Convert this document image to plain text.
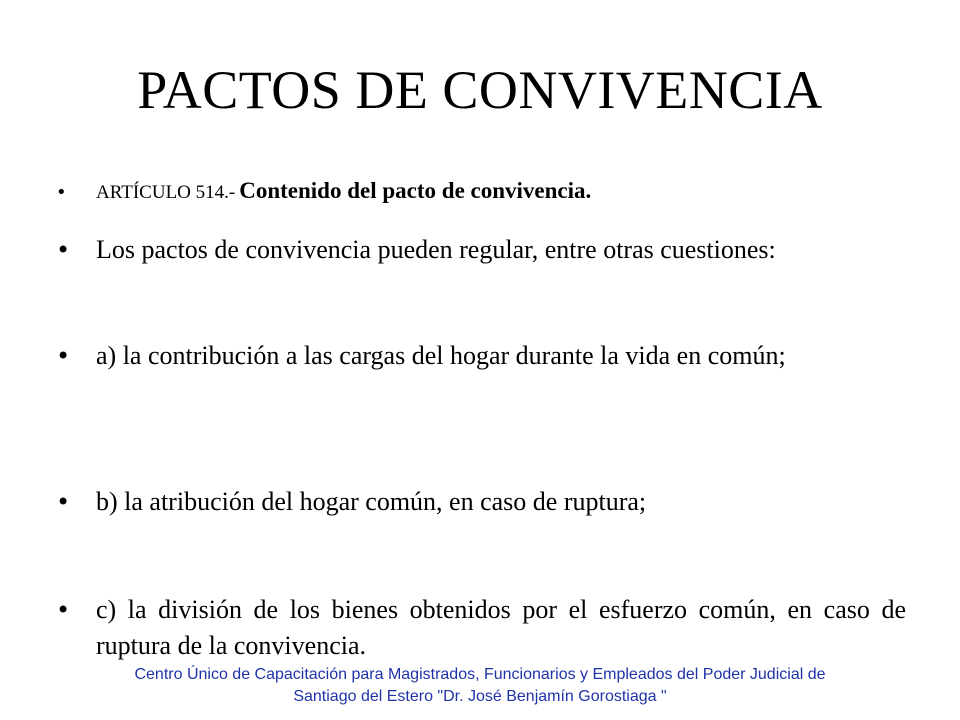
PACTOS DE CONVIVENCIA
• ARTÍCULO 514.- Contenido del pacto de convivencia.
• Los pactos de convivencia pueden regular, entre otras cuestiones:
• a) la contribución a las cargas del hogar durante la vida en común;
• b) la atribución del hogar común, en caso de ruptura;
• c) la división de los bienes obtenidos por el esfuerzo común, en caso de ruptura de la convivencia.
Centro Único de Capacitación para Magistrados, Funcionarios y Empleados del Poder Judicial de
Santiago del Estero "Dr. José Benjamín Gorostiaga "
